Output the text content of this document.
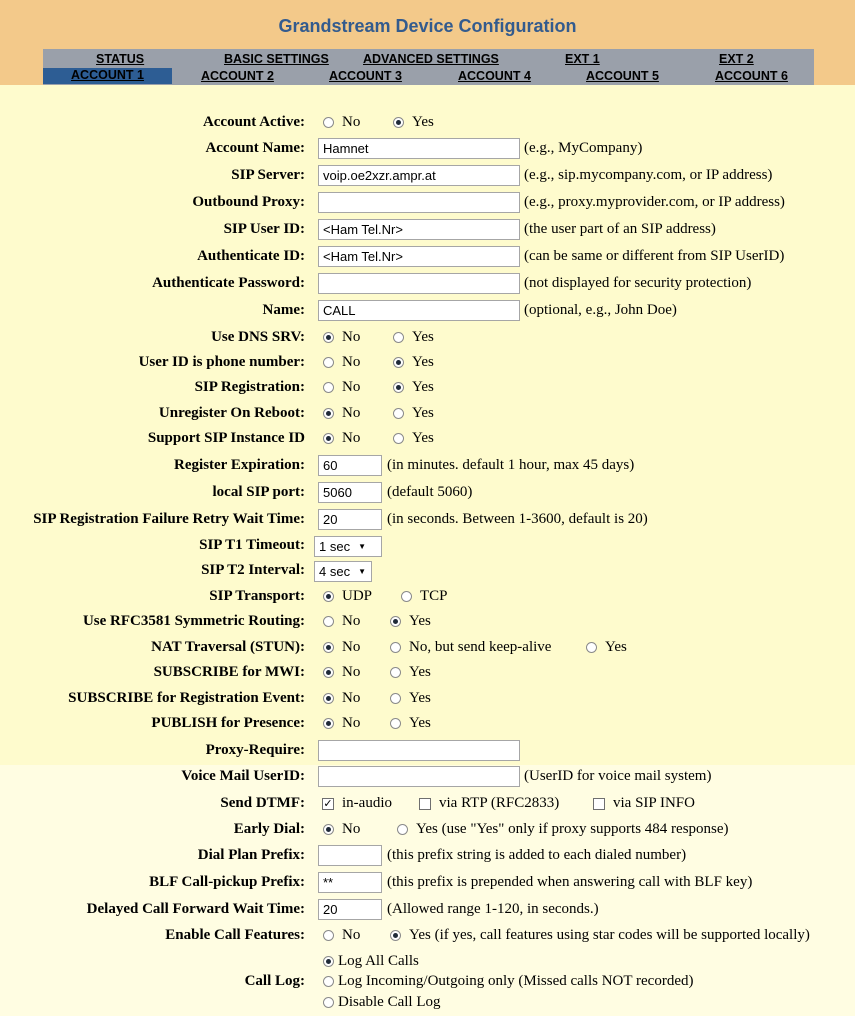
Grandstream Device Configuration
STATUS	BASIC SETTINGS	ADVANCED SETTINGS	EXT 1	EXT 2
ACCOUNT 1	ACCOUNT 2	ACCOUNT 3	ACCOUNT 4	ACCOUNT 5	ACCOUNT 6
Account Active: No	Yes
Account Name:	Hamnet	(e.g., MyCompany)
SIP Server:	voip.oe2xzr.ampr.at	(e.g., sip.mycompany.com, or IP address)
Outbound Proxy:	(e.g., proxy.myprovider.com, or IP address)
SIP User ID:	<Ham Tel.Nr>	(the user part of an SIP address)
Authenticate ID:	<Ham Tel.Nr>	(can be same or different from SIP UserID)
Authenticate Password:	(not displayed for security protection)
Name:	CALL	(optional, e.g., John Doe)
Use DNS SRV: No	Yes
User ID is phone number: No	Yes
SIP Registration: No	Yes
Unregister On Reboot: No	Yes
Support SIP Instance ID No	Yes
Register Expiration:	60	(in minutes. default 1 hour, max 45 days)
local SIP port:	5060	(default 5060)
SIP Registration Failure Retry Wait Time:	20	(in seconds. Between 1-3600, default is 20)
SIP T1 Timeout: 1 sec ▼
SIP T2 Interval: 4 sec ▼
SIP Transport: UDP	TCP
Use RFC3581 Symmetric Routing: No	Yes
NAT Traversal (STUN): No	No, but send keep-alive	Yes
SUBSCRIBE for MWI: No	Yes
SUBSCRIBE for Registration Event: No	Yes
PUBLISH for Presence: No	Yes
Proxy-Require:
Voice Mail UserID:	(UserID for voice mail system)
Send DTMF:
✓ in-audio	via RTP (RFC2833)	via SIP INFO
Early Dial: No	Yes (use "Yes" only if proxy supports 484 response)
Dial Plan Prefix:	(this prefix string is added to each dialed number)
BLF Call-pickup Prefix:	**	(this prefix is prepended when answering call with BLF key)
Delayed Call Forward Wait Time:	20	(Allowed range 1-120, in seconds.)
Enable Call Features: No	Yes (if yes, call features using star codes will be supported locally)
Call Log:
Log All Calls
Log Incoming/Outgoing only (Missed calls NOT recorded)
Disable Call Log
